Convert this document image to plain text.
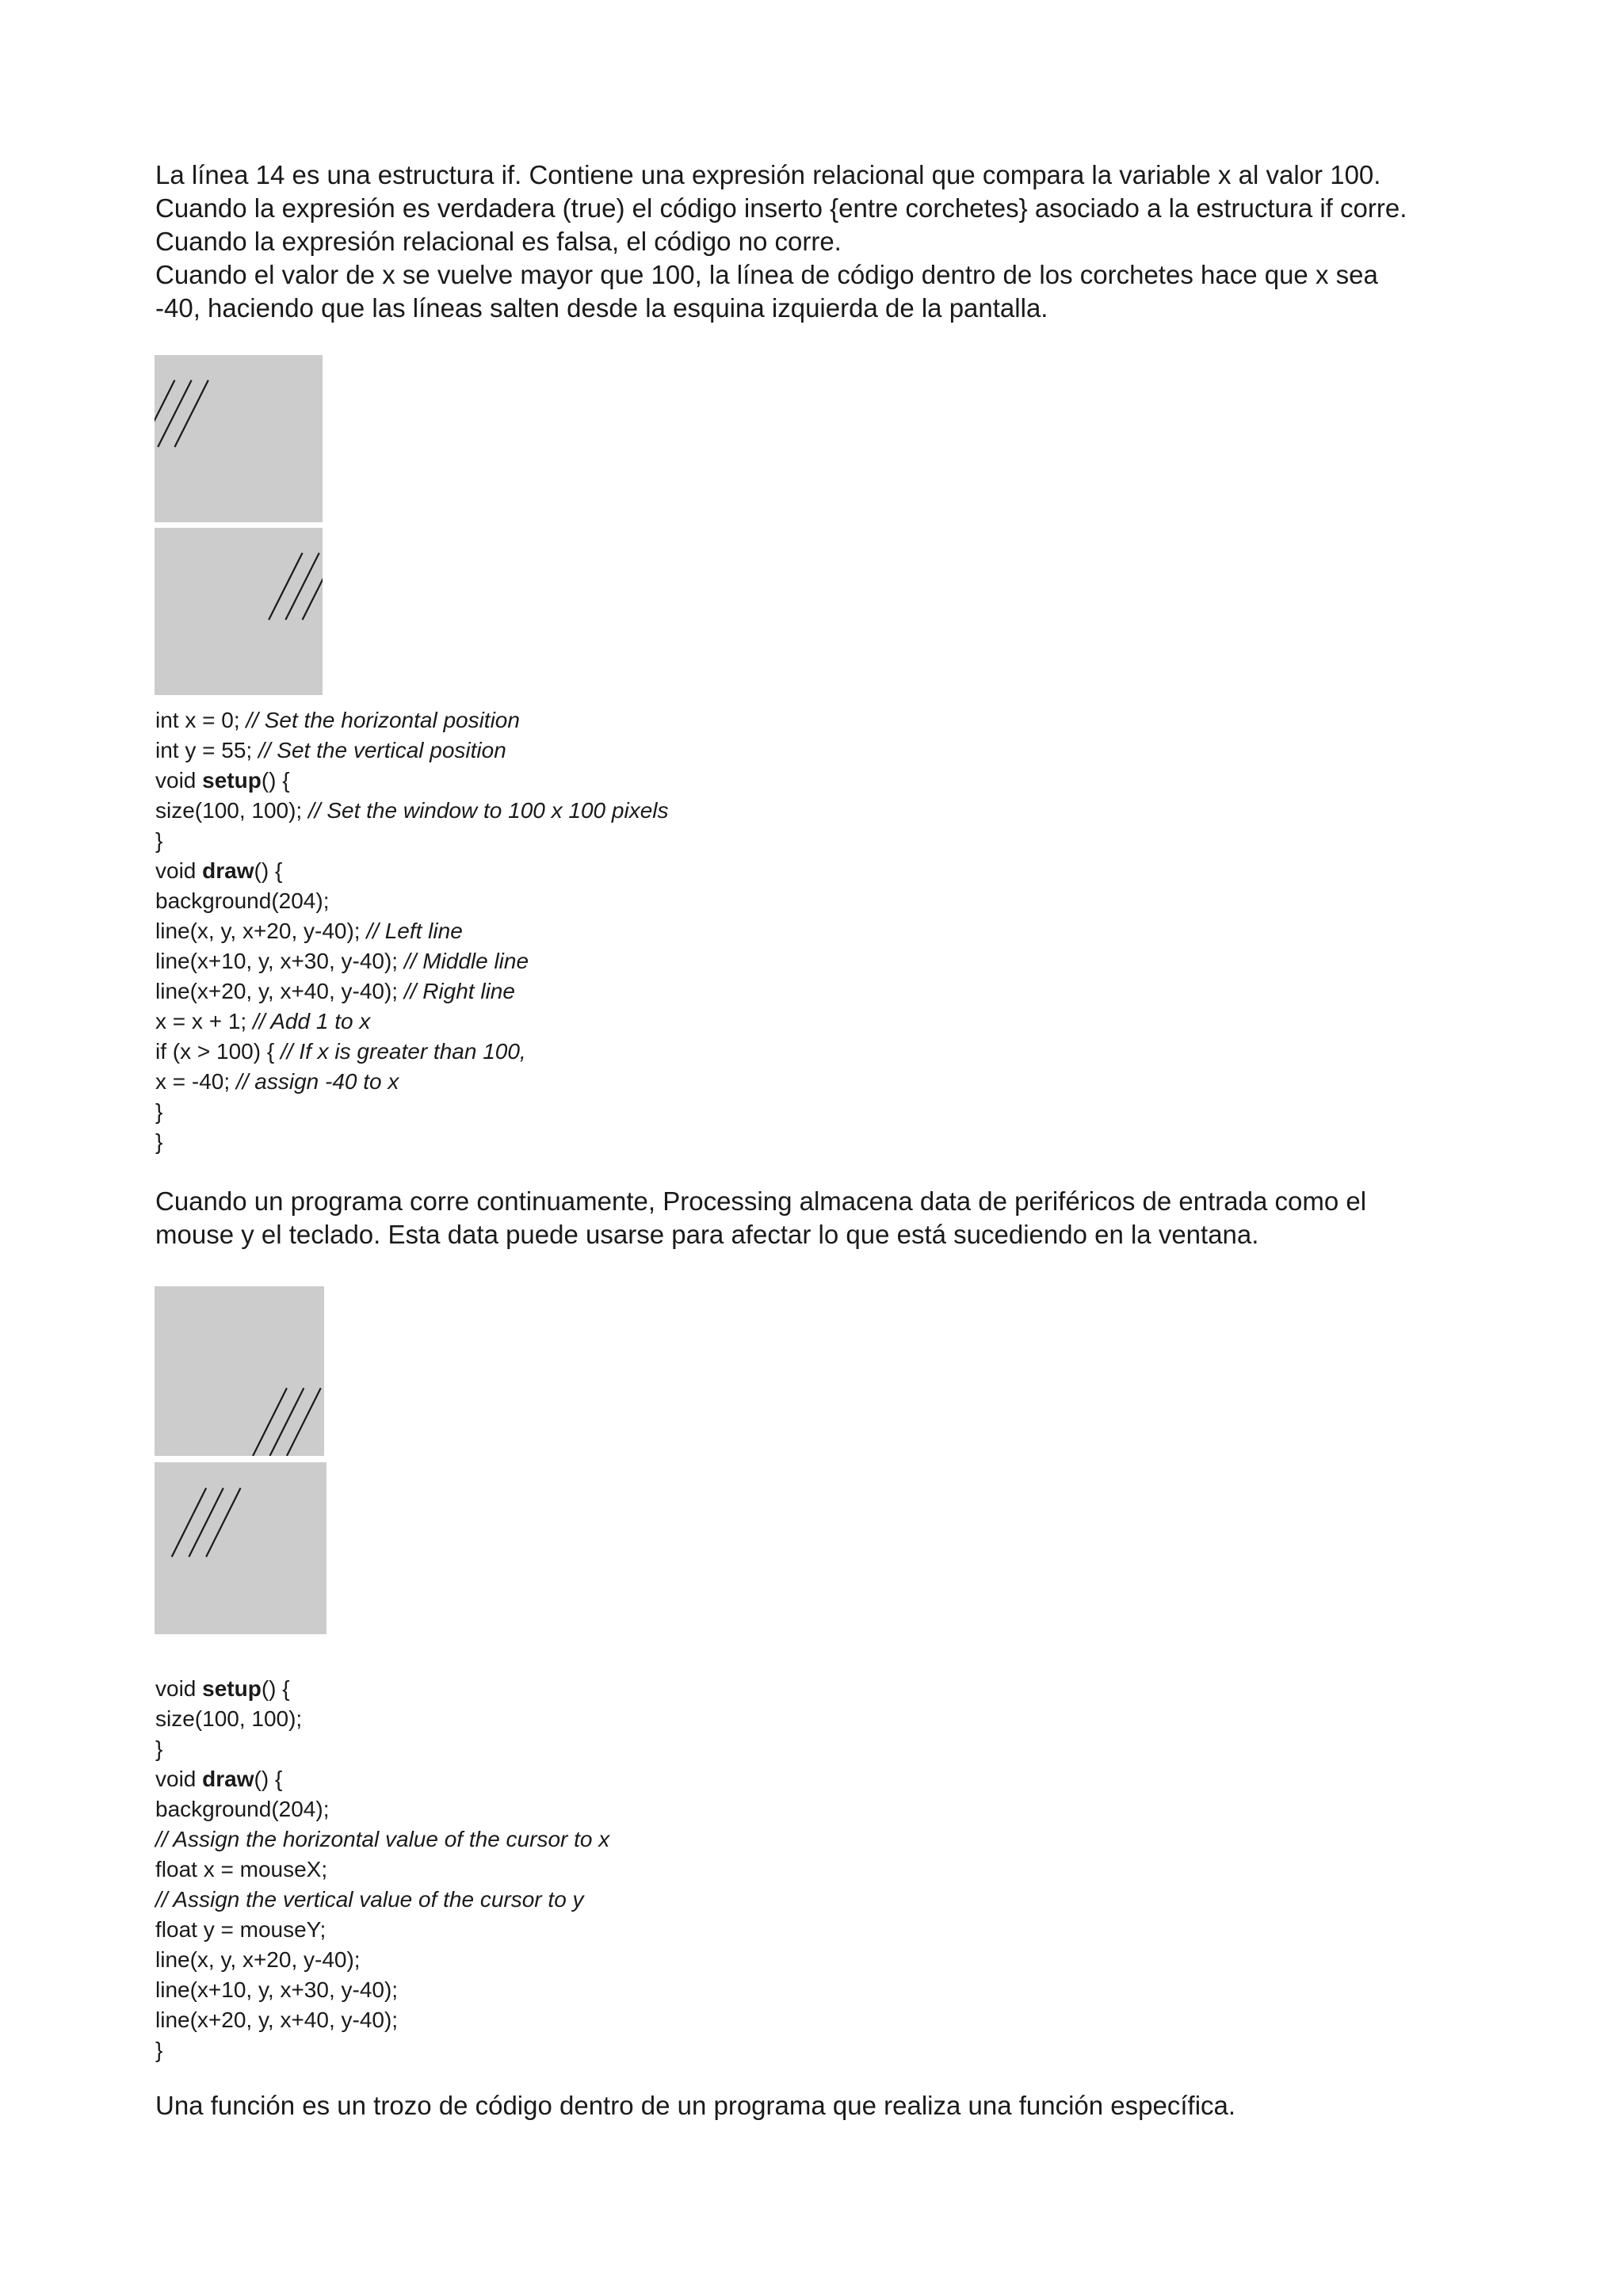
La línea 14 es una estructura if. Contiene una expresión relacional que compara la variable x al valor 100.
Cuando la expresión es verdadera (true) el código inserto {entre corchetes} asociado a la estructura if corre.
Cuando la expresión relacional es falsa, el código no corre.
Cuando el valor de x se vuelve mayor que 100, la línea de código dentro de los corchetes hace que x sea
-40, haciendo que las líneas salten desde la esquina izquierda de la pantalla.
int x = 0; // Set the horizontal position
int y = 55; // Set the vertical position
void setup() {
size(100, 100); // Set the window to 100 x 100 pixels
}
void draw() {
background(204);
line(x, y, x+20, y-40); // Left line
line(x+10, y, x+30, y-40); // Middle line
line(x+20, y, x+40, y-40); // Right line
x = x + 1; // Add 1 to x
if (x > 100) { // If x is greater than 100,
x = -40; // assign -40 to x
}
}
Cuando un programa corre continuamente, Processing almacena data de periféricos de entrada como el
mouse y el teclado. Esta data puede usarse para afectar lo que está sucediendo en la ventana.
void setup() {
size(100, 100);
}
void draw() {
background(204);
// Assign the horizontal value of the cursor to x
float x = mouseX;
// Assign the vertical value of the cursor to y
float y = mouseY;
line(x, y, x+20, y-40);
line(x+10, y, x+30, y-40);
line(x+20, y, x+40, y-40);
}
Una función es un trozo de código dentro de un programa que realiza una función específica.
